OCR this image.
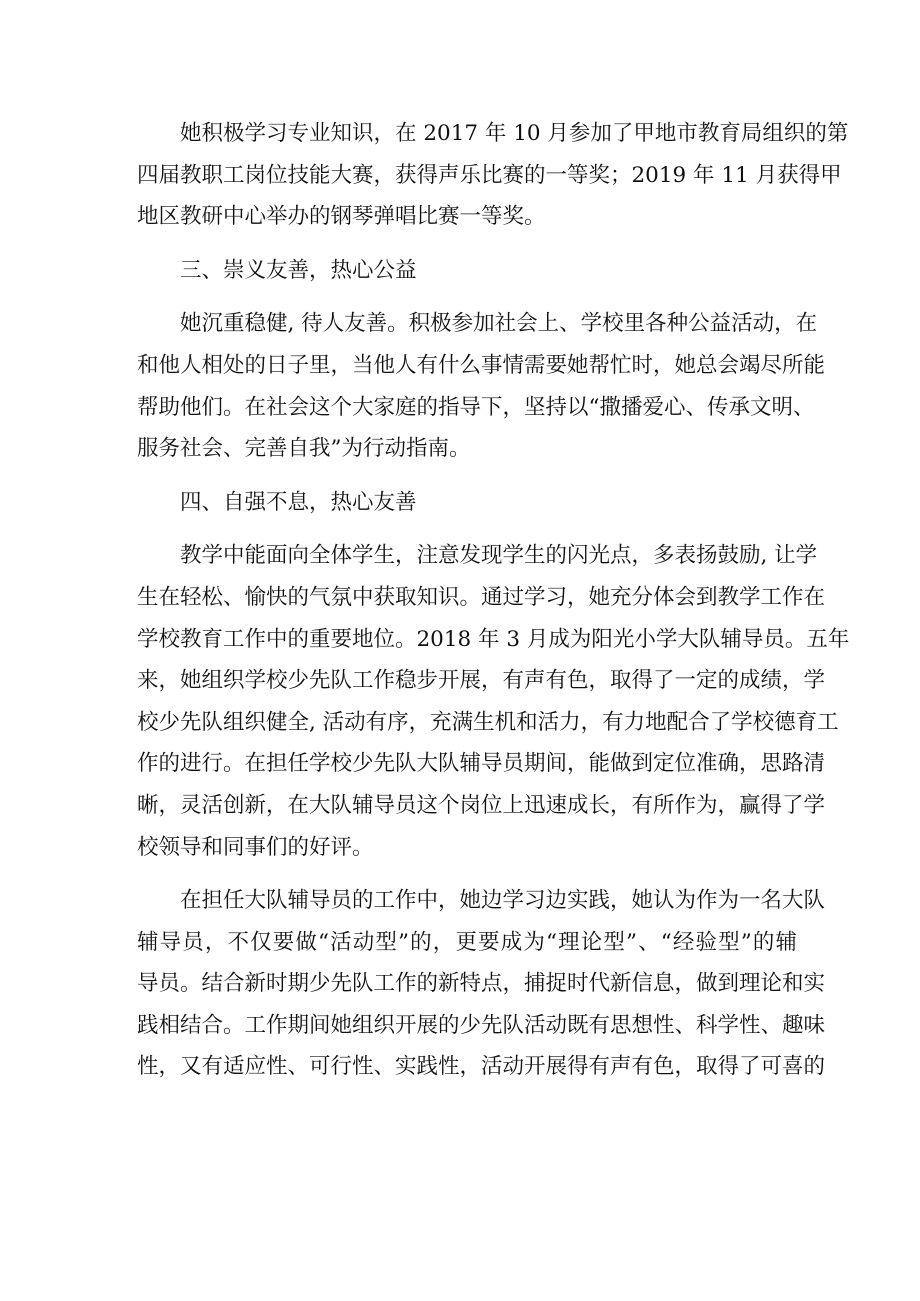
她积极学习专业知识，在 2017 年 10 月参加了甲地市教育局组织的第
四届教职工岗位技能大赛，获得声乐比赛的一等奖；2019 年 11 月获得甲
地区教研中心举办的钢琴弹唱比赛一等奖。
三、崇义友善，热心公益
她沉重稳健, 待人友善。积极参加社会上、学校里各种公益活动，在
和他人相处的日子里，当他人有什么事情需要她帮忙时，她总会竭尽所能
帮助他们。在社会这个大家庭的指导下，坚持以“撒播爱心、传承文明、
服务社会、完善自我”为行动指南。
四、自强不息，热心友善
教学中能面向全体学生，注意发现学生的闪光点，多表扬鼓励, 让学
生在轻松、愉快的气氛中获取知识。通过学习，她充分体会到教学工作在
学校教育工作中的重要地位。2018 年 3 月成为阳光小学大队辅导员。五年
来，她组织学校少先队工作稳步开展，有声有色，取得了一定的成绩，学
校少先队组织健全, 活动有序，充满生机和活力，有力地配合了学校德育工
作的进行。在担任学校少先队大队辅导员期间，能做到定位准确，思路清
晰，灵活创新，在大队辅导员这个岗位上迅速成长，有所作为，赢得了学
校领导和同事们的好评。
在担任大队辅导员的工作中，她边学习边实践，她认为作为一名大队
辅导员，不仅要做“活动型”的，更要成为“理论型”、“经验型”的辅
导员。结合新时期少先队工作的新特点，捕捉时代新信息，做到理论和实
践相结合。工作期间她组织开展的少先队活动既有思想性、科学性、趣味
性，又有适应性、可行性、实践性，活动开展得有声有色，取得了可喜的
